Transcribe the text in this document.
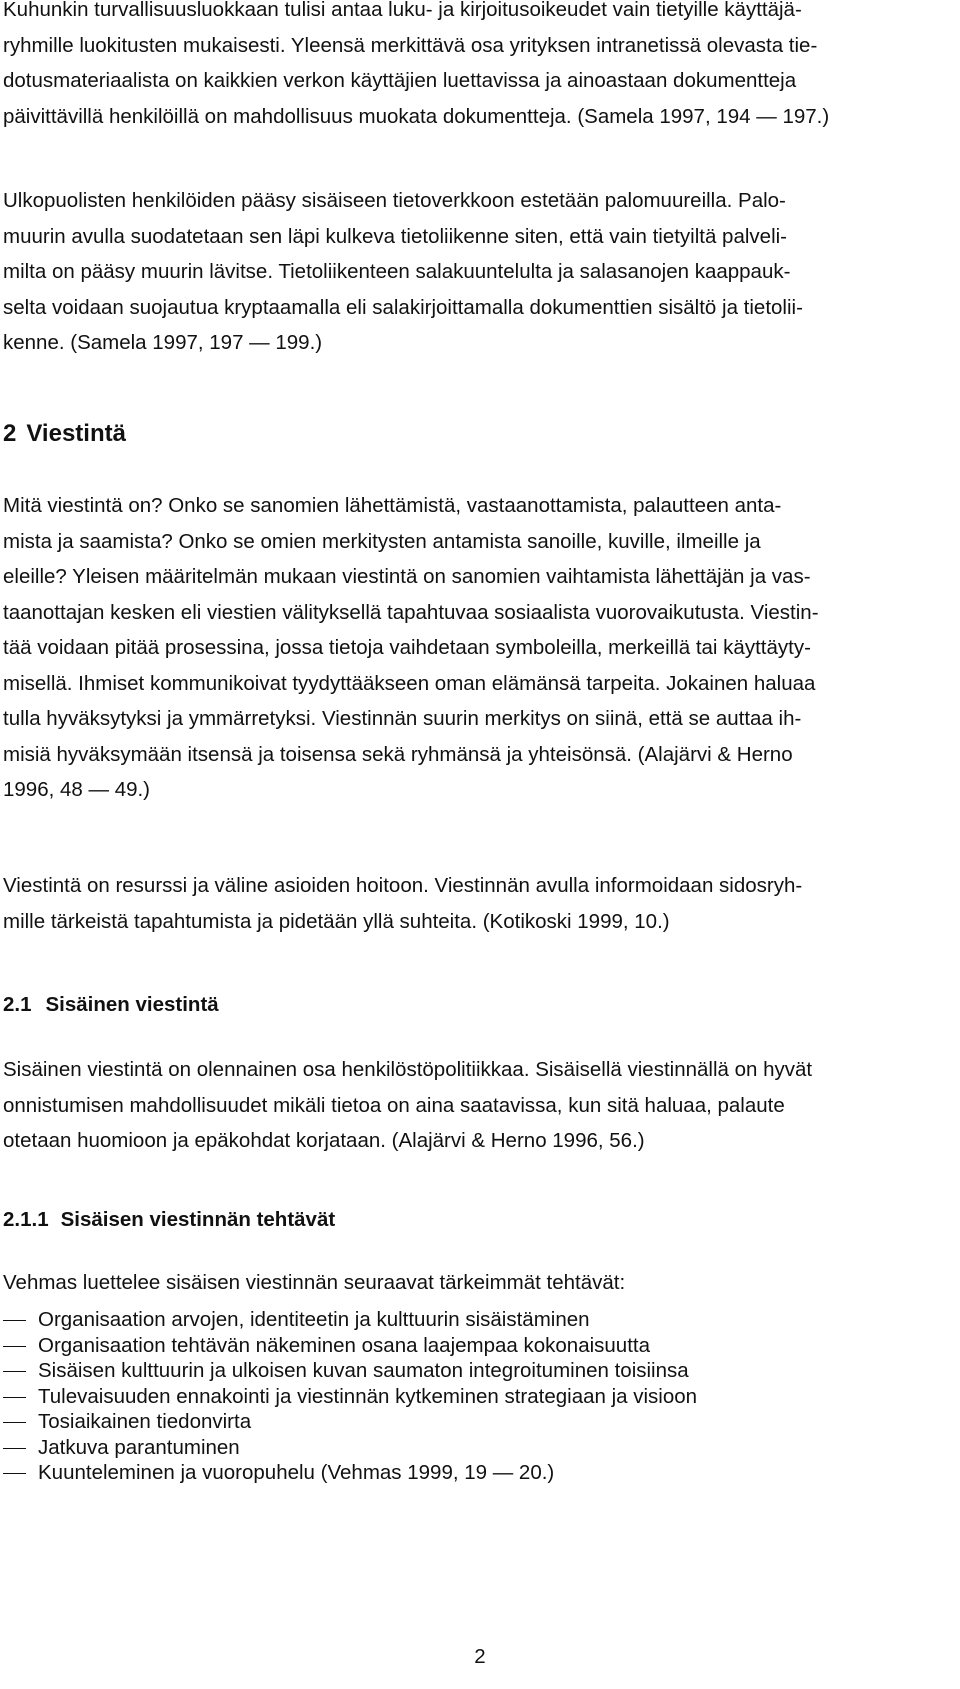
Kuhunkin turvallisuusluokkaan tulisi antaa luku- ja kirjoitusoikeudet vain tietyille käyttäjä-
ryhmille luokitusten mukaisesti. Yleensä merkittävä osa yrityksen intranetissä olevasta tie-
dotusmateriaalista on kaikkien verkon käyttäjien luettavissa ja ainoastaan dokumentteja
päivittävillä henkilöillä on mahdollisuus muokata dokumentteja. (Samela 1997, 194 — 197.)

Ulkopuolisten henkilöiden pääsy sisäiseen tietoverkkoon estetään palomuureilla. Palo-
muurin avulla suodatetaan sen läpi kulkeva tietoliikenne siten, että vain tietyiltä palveli-
milta on pääsy muurin lävitse. Tietoliikenteen salakuuntelulta ja salasanojen kaappauk-
selta voidaan suojautua kryptaamalla eli salakirjoittamalla dokumenttien sisältö ja tietolii-
kenne. (Samela 1997, 197 — 199.)

2 Viestintä

Mitä viestintä on? Onko se sanomien lähettämistä, vastaanottamista, palautteen anta-
mista ja saamista? Onko se omien merkitysten antamista sanoille, kuville, ilmeille ja
eleille? Yleisen määritelmän mukaan viestintä on sanomien vaihtamista lähettäjän ja vas-
taanottajan kesken eli viestien välityksellä tapahtuvaa sosiaalista vuorovaikutusta. Viestin-
tää voidaan pitää prosessina, jossa tietoja vaihdetaan symboleilla, merkeillä tai käyttäyty-
misellä. Ihmiset kommunikoivat tyydyttääkseen oman elämänsä tarpeita. Jokainen haluaa
tulla hyväksytyksi ja ymmärretyksi. Viestinnän suurin merkitys on siinä, että se auttaa ih-
misiä hyväksymään itsensä ja toisensa sekä ryhmänsä ja yhteisönsä. (Alajärvi & Herno
1996, 48 — 49.)

Viestintä on resurssi ja väline asioiden hoitoon. Viestinnän avulla informoidaan sidosryh-
mille tärkeistä tapahtumista ja pidetään yllä suhteita. (Kotikoski 1999, 10.)

2.1 Sisäinen viestintä

Sisäinen viestintä on olennainen osa henkilöstöpolitiikkaa. Sisäisellä viestinnällä on hyvät
onnistumisen mahdollisuudet mikäli tietoa on aina saatavissa, kun sitä haluaa, palaute
otetaan huomioon ja epäkohdat korjataan. (Alajärvi & Herno 1996, 56.)

2.1.1 Sisäisen viestinnän tehtävät

Vehmas luettelee sisäisen viestinnän seuraavat tärkeimmät tehtävät:

Organisaation arvojen, identiteetin ja kulttuurin sisäistäminen
Organisaation tehtävän näkeminen osana laajempaa kokonaisuutta
Sisäisen kulttuurin ja ulkoisen kuvan saumaton integroituminen toisiinsa
Tulevaisuuden ennakointi ja viestinnän kytkeminen strategiaan ja visioon
Tosiaikainen tiedonvirta
Jatkuva parantuminen
Kuunteleminen ja vuoropuhelu (Vehmas 1999, 19 — 20.)
2
